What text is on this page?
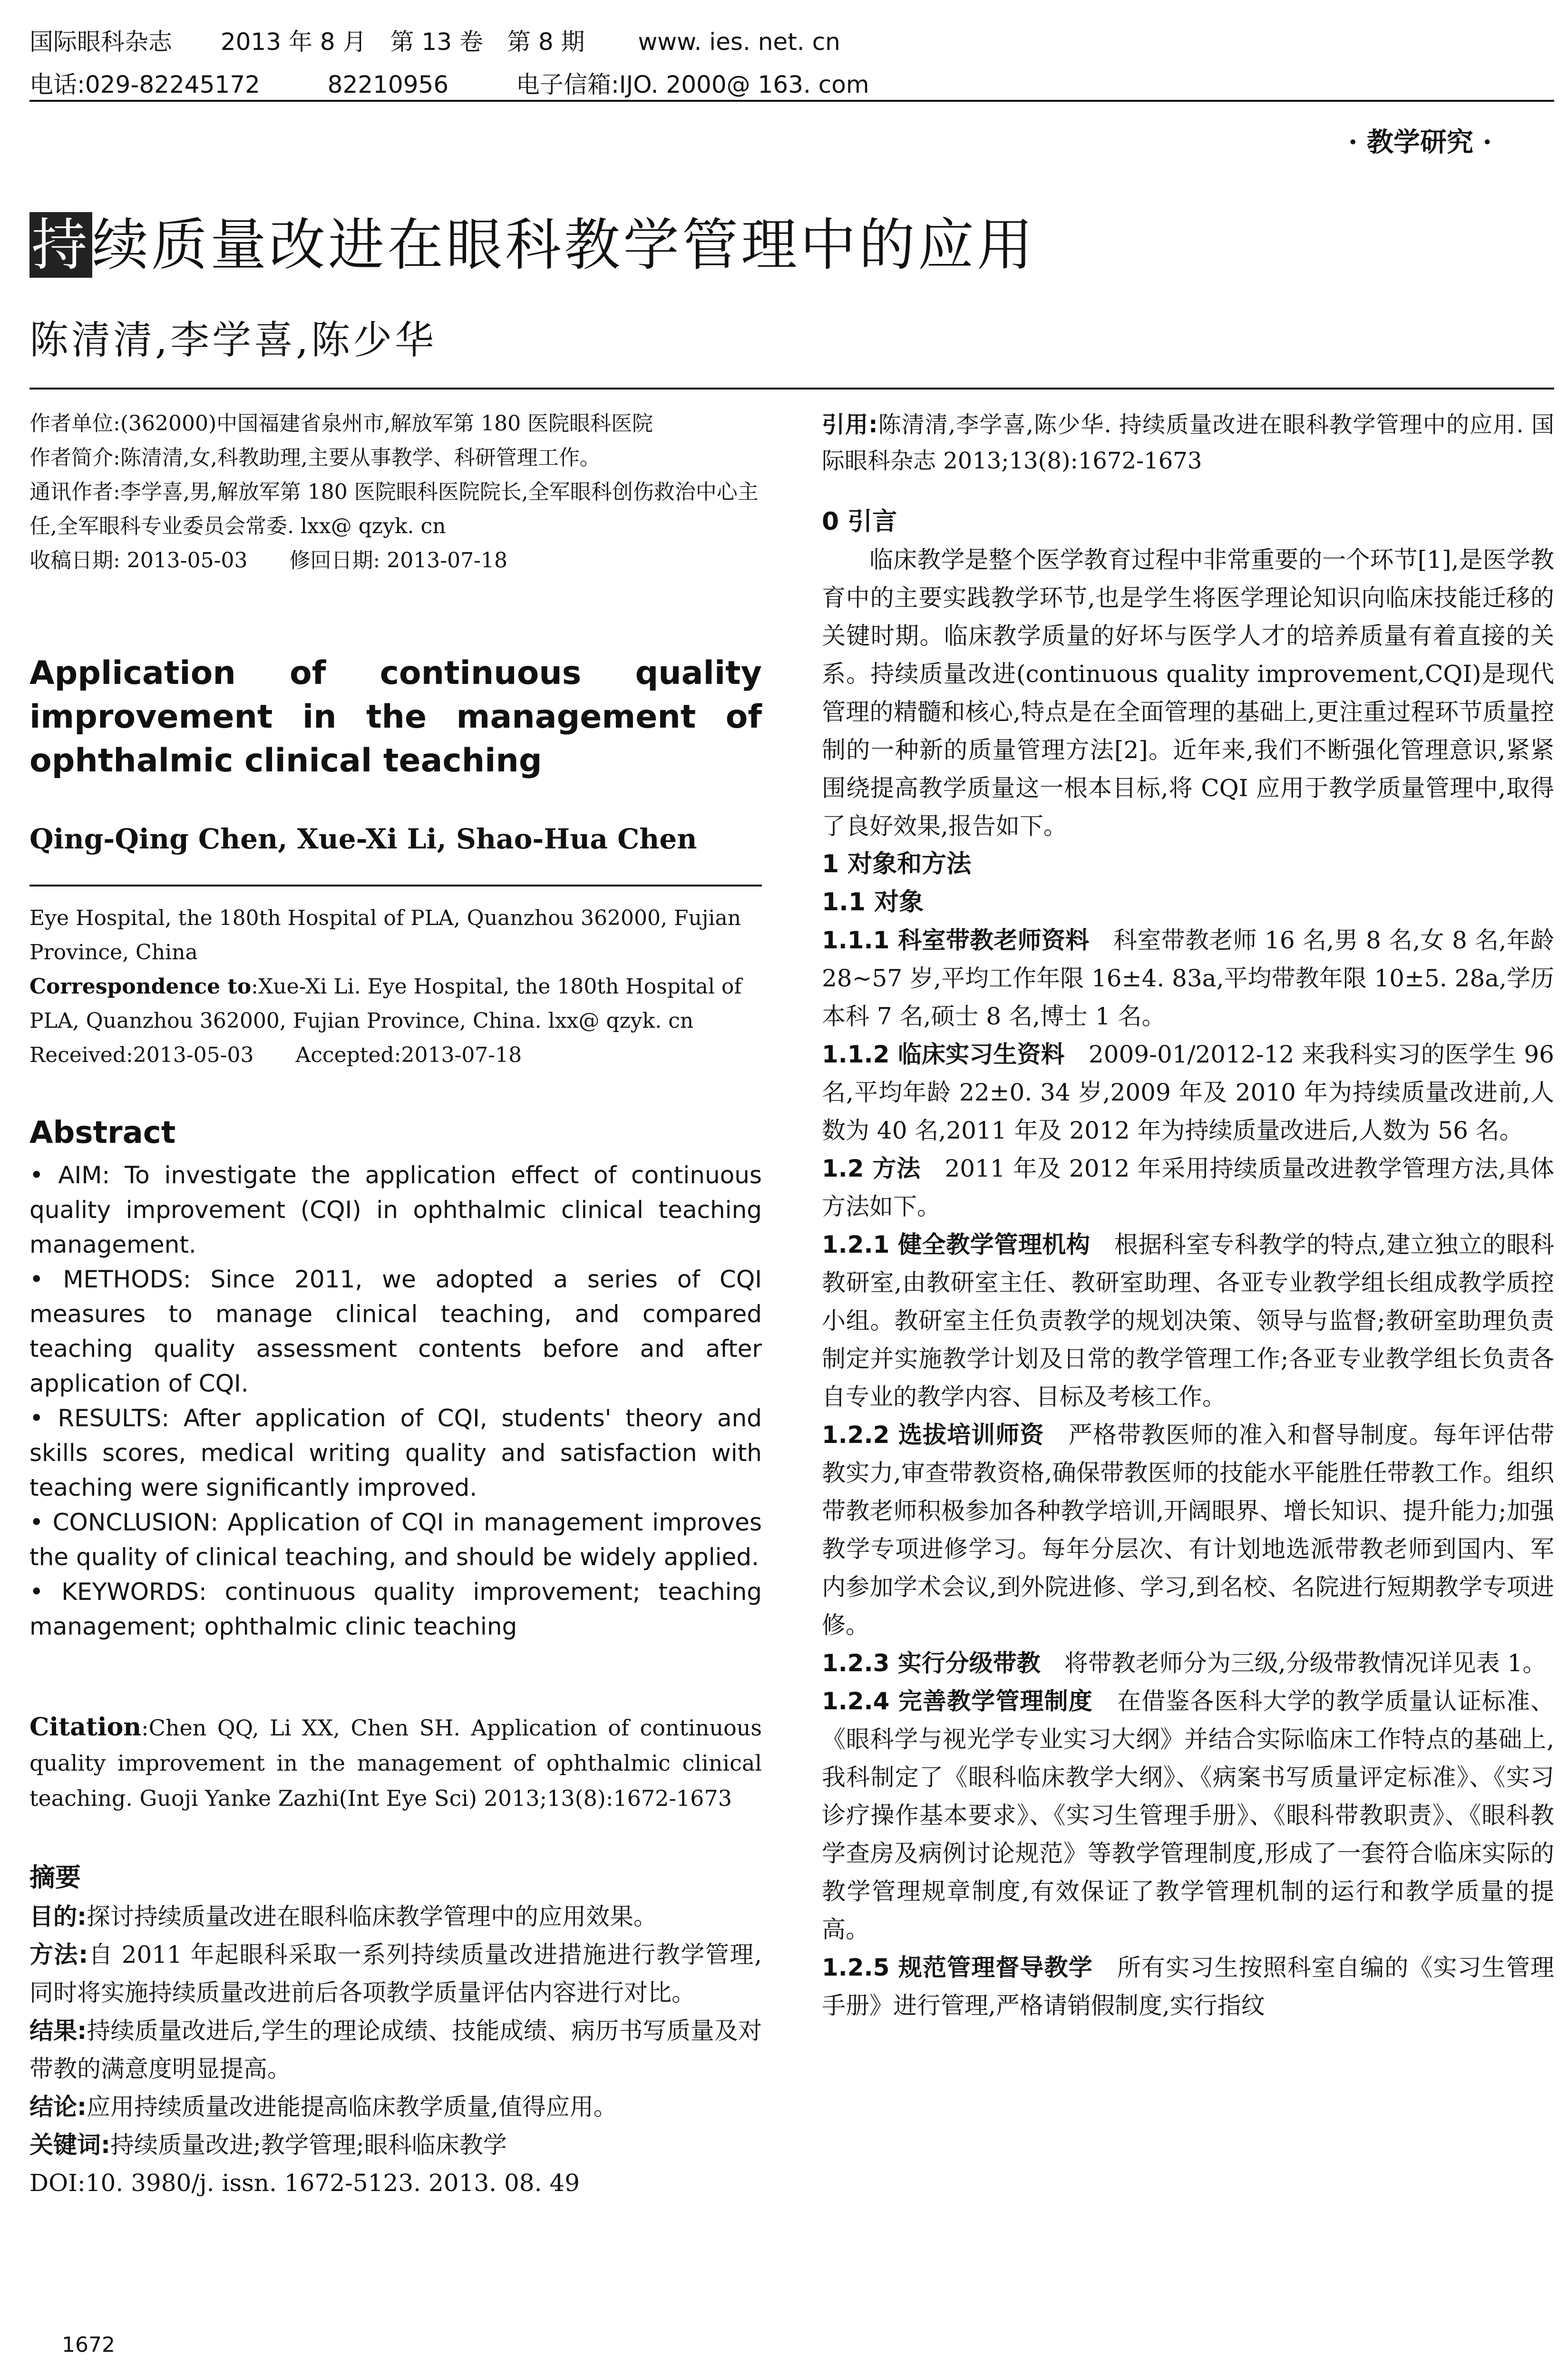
国际眼科杂志 2013 年 8 月　第 13 卷　第 8 期 www. ies. net. cn
电话:029-82245172	82210956	电子信箱:IJO. 2000@ 163. com
· 教学研究 ·
持续质量改进在眼科教学管理中的应用
陈清清,李学喜,陈少华

作者单位:(362000)中国福建省泉州市,解放军第 180 医院眼科医院

作者简介:陈清清,女,科教助理,主要从事教学、科研管理工作。

通讯作者:李学喜,男,解放军第 180 医院眼科医院院长,全军眼科创伤救治中心主任,全军眼科专业委员会常委. lxx@ qzyk. cn

收稿日期: 2013-05-03　　修回日期: 2013-07-18

Application of continuous quality
improvement in the management of
ophthalmic clinical teaching
Qing-Qing Chen, Xue-Xi Li, Shao-Hua Chen

Eye Hospital, the 180th Hospital of PLA, Quanzhou 362000, Fujian Province, China

Correspondence to:Xue-Xi Li. Eye Hospital, the 180th Hospital of PLA, Quanzhou 362000, Fujian Province, China. lxx@ qzyk. cn

Received:2013-05-03　　Accepted:2013-07-18

Abstract

• AIM: To investigate the application effect of continuous quality improvement (CQI) in ophthalmic clinical teaching management.

• METHODS: Since 2011, we adopted a series of CQI measures to manage clinical teaching, and compared teaching quality assessment contents before and after application of CQI.

• RESULTS: After application of CQI, students' theory and skills scores, medical writing quality and satisfaction with teaching were significantly improved.

• CONCLUSION: Application of CQI in management improves the quality of clinical teaching, and should be widely applied.

• KEYWORDS: continuous quality improvement; teaching management; ophthalmic clinic teaching

Citation:Chen QQ, Li XX, Chen SH. Application of continuous quality improvement in the management of ophthalmic clinical teaching. Guoji Yanke Zazhi(Int Eye Sci) 2013;13(8):1672-1673
摘要

目的:探讨持续质量改进在眼科临床教学管理中的应用效果。

方法:自 2011 年起眼科采取一系列持续质量改进措施进行教学管理,同时将实施持续质量改进前后各项教学质量评估内容进行对比。

结果:持续质量改进后,学生的理论成绩、技能成绩、病历书写质量及对带教的满意度明显提高。

结论:应用持续质量改进能提高临床教学质量,值得应用。

关键词:持续质量改进;教学管理;眼科临床教学

DOI:10. 3980/j. issn. 1672-5123. 2013. 08. 49

1672

引用:陈清清,李学喜,陈少华. 持续质量改进在眼科教学管理中的应用. 国际眼科杂志 2013;13(8):1672-1673

0 引言

临床教学是整个医学教育过程中非常重要的一个环节[1],是医学教育中的主要实践教学环节,也是学生将医学理论知识向临床技能迁移的关键时期。临床教学质量的好坏与医学人才的培养质量有着直接的关系。持续质量改进(continuous quality improvement,CQI)是现代管理的精髓和核心,特点是在全面管理的基础上,更注重过程环节质量控制的一种新的质量管理方法[2]。近年来,我们不断强化管理意识,紧紧围绕提高教学质量这一根本目标,将 CQI 应用于教学质量管理中,取得了良好效果,报告如下。

1 对象和方法

1.1 对象

1.1.1 科室带教老师资料　科室带教老师 16 名,男 8 名,女 8 名,年龄 28~57 岁,平均工作年限 16±4. 83a,平均带教年限 10±5. 28a,学历本科 7 名,硕士 8 名,博士 1 名。

1.1.2 临床实习生资料　2009-01/2012-12 来我科实习的医学生 96 名,平均年龄 22±0. 34 岁,2009 年及 2010 年为持续质量改进前,人数为 40 名,2011 年及 2012 年为持续质量改进后,人数为 56 名。

1.2 方法　2011 年及 2012 年采用持续质量改进教学管理方法,具体方法如下。

1.2.1 健全教学管理机构　根据科室专科教学的特点,建立独立的眼科教研室,由教研室主任、教研室助理、各亚专业教学组长组成教学质控小组。教研室主任负责教学的规划决策、领导与监督;教研室助理负责制定并实施教学计划及日常的教学管理工作;各亚专业教学组长负责各自专业的教学内容、目标及考核工作。

1.2.2 选拔培训师资　严格带教医师的准入和督导制度。每年评估带教实力,审查带教资格,确保带教医师的技能水平能胜任带教工作。组织带教老师积极参加各种教学培训,开阔眼界、增长知识、提升能力;加强教学专项进修学习。每年分层次、有计划地选派带教老师到国内、军内参加学术会议,到外院进修、学习,到名校、名院进行短期教学专项进修。

1.2.3 实行分级带教　将带教老师分为三级,分级带教情况详见表 1。

1.2.4 完善教学管理制度　在借鉴各医科大学的教学质量认证标准、《眼科学与视光学专业实习大纲》并结合实际临床工作特点的基础上,我科制定了《眼科临床教学大纲》、《病案书写质量评定标准》、《实习诊疗操作基本要求》、《实习生管理手册》、《眼科带教职责》、《眼科教学查房及病例讨论规范》等教学管理制度,形成了一套符合临床实际的教学管理规章制度,有效保证了教学管理机制的运行和教学质量的提高。

1.2.5 规范管理督导教学　所有实习生按照科室自编的《实习生管理手册》进行管理,严格请销假制度,实行指纹
